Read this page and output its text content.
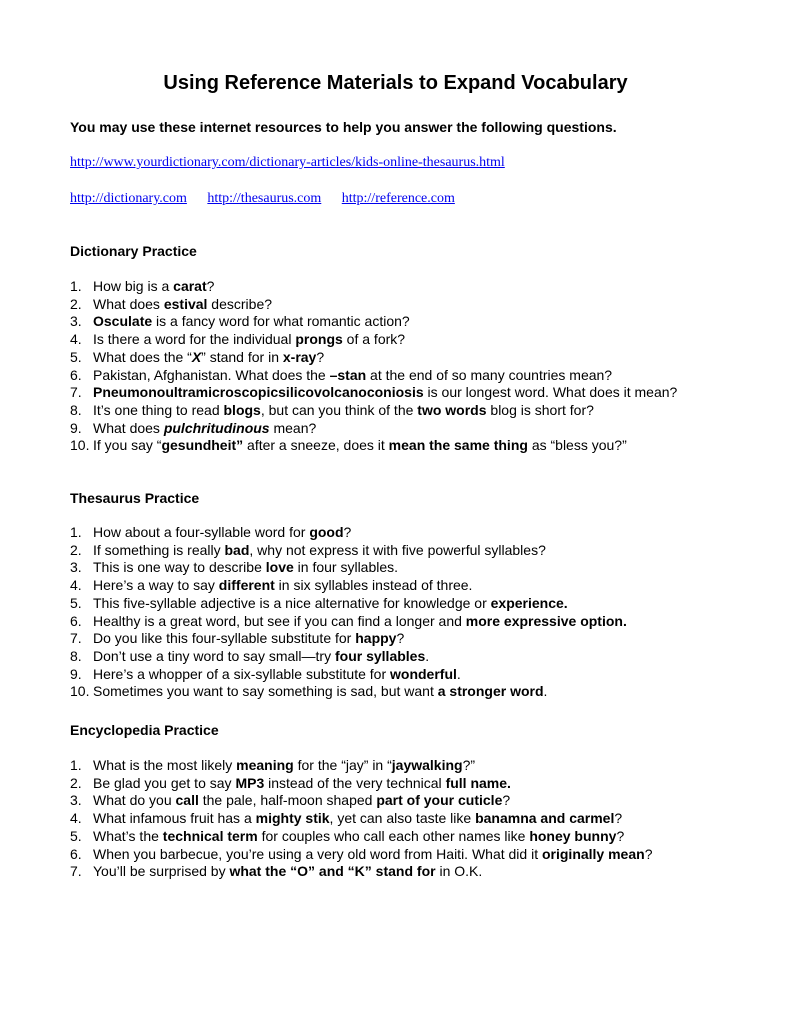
Using Reference Materials to Expand Vocabulary
You may use these internet resources to help you answer the following questions.
http://www.yourdictionary.com/dictionary-articles/kids-online-thesaurus.html
http://dictionary.com http://thesaurus.com http://reference.com
Dictionary Practice
1. How big is a carat?
2. What does estival describe?
3. Osculate is a fancy word for what romantic action?
4. Is there a word for the individual prongs of a fork?
5. What does the “X” stand for in x-ray?
6. Pakistan, Afghanistan. What does the –stan at the end of so many countries mean?
7. Pneumonoultramicroscopicsilicovolcanoconiosis is our longest word. What does it mean?
8. It’s one thing to read blogs, but can you think of the two words blog is short for?
9. What does pulchritudinous mean?
10. If you say “gesundheit” after a sneeze, does it mean the same thing as “bless you?”
Thesaurus Practice
1. How about a four-syllable word for good?
2. If something is really bad, why not express it with five powerful syllables?
3. This is one way to describe love in four syllables.
4. Here’s a way to say different in six syllables instead of three.
5. This five-syllable adjective is a nice alternative for knowledge or experience.
6. Healthy is a great word, but see if you can find a longer and more expressive option.
7. Do you like this four-syllable substitute for happy?
8. Don’t use a tiny word to say small—try four syllables.
9. Here’s a whopper of a six-syllable substitute for wonderful.
10. Sometimes you want to say something is sad, but want a stronger word.
Encyclopedia Practice
1. What is the most likely meaning for the “jay” in “jaywalking?”
2. Be glad you get to say MP3 instead of the very technical full name.
3. What do you call the pale, half-moon shaped part of your cuticle?
4. What infamous fruit has a mighty stik, yet can also taste like banamna and carmel?
5. What’s the technical term for couples who call each other names like honey bunny?
6. When you barbecue, you’re using a very old word from Haiti. What did it originally mean?
7. You’ll be surprised by what the “O” and “K” stand for in O.K.
